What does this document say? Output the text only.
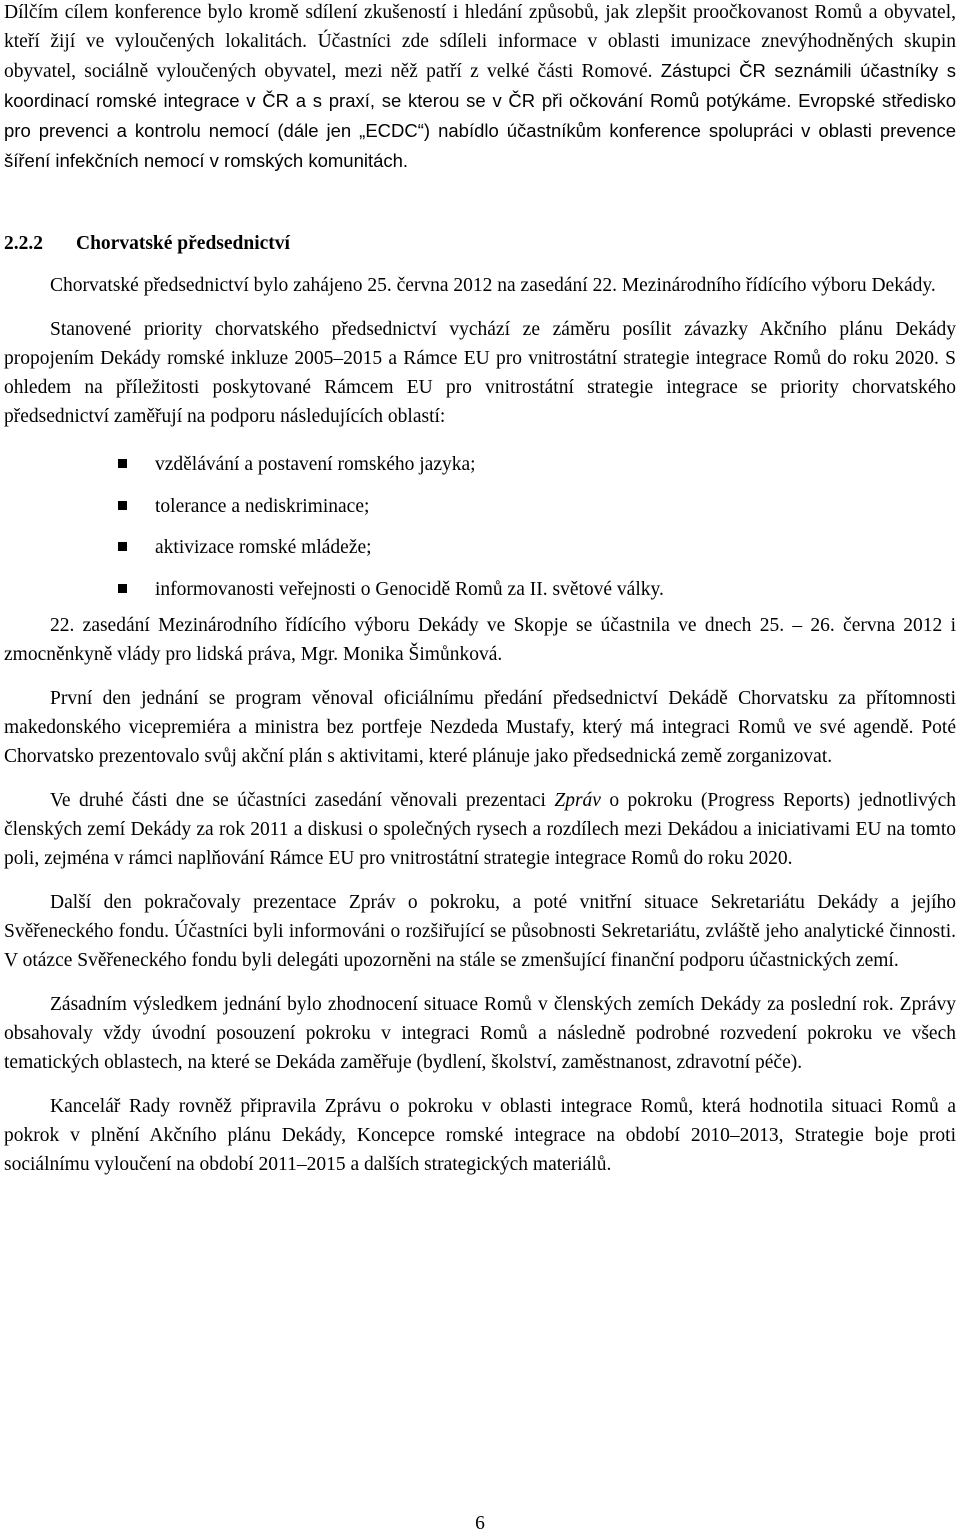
Dílčím cílem konference bylo kromě sdílení zkušeností i hledání způsobů, jak zlepšit proočkovanost Romů a obyvatel, kteří žijí ve vyloučených lokalitách. Účastníci zde sdíleli informace v oblasti imunizace znevýhodněných skupin obyvatel, sociálně vyloučených obyvatel, mezi něž patří z velké části Romové. Zástupci ČR seznámili účastníky s koordinací romské integrace v ČR a s praxí, se kterou se v ČR při očkování Romů potýkáme. Evropské středisko pro prevenci a kontrolu nemocí (dále jen „ECDC“) nabídlo účastníkům konference spolupráci v oblasti prevence šíření infekčních nemocí v romských komunitách.

2.2.2 Chorvatské předsednictví

Chorvatské předsednictví bylo zahájeno 25. června 2012 na zasedání 22. Mezinárodního řídícího výboru Dekády.

Stanovené priority chorvatského předsednictví vychází ze záměru posílit závazky Akčního plánu Dekády propojením Dekády romské inkluze 2005–2015 a Rámce EU pro vnitrostátní strategie integrace Romů do roku 2020. S ohledem na příležitosti poskytované Rámcem EU pro vnitrostátní strategie integrace se priority chorvatského předsednictví zaměřují na podporu následujících oblastí:

vzdělávání a postavení romského jazyka;
tolerance a nediskriminace;
aktivizace romské mládeže;
informovanosti veřejnosti o Genocidě Romů za II. světové války.

22. zasedání Mezinárodního řídícího výboru Dekády ve Skopje se účastnila ve dnech 25. – 26. června 2012 i zmocněnkyně vlády pro lidská práva, Mgr. Monika Šimůnková.

První den jednání se program věnoval oficiálnímu předání předsednictví Dekádě Chorvatsku za přítomnosti makedonského vicepremiéra a ministra bez portfeje Nezdeda Mustafy, který má integraci Romů ve své agendě. Poté Chorvatsko prezentovalo svůj akční plán s aktivitami, které plánuje jako předsednická země zorganizovat.

Ve druhé části dne se účastníci zasedání věnovali prezentaci Zpráv o pokroku (Progress Reports) jednotlivých členských zemí Dekády za rok 2011 a diskusi o společných rysech a rozdílech mezi Dekádou a iniciativami EU na tomto poli, zejména v rámci naplňování Rámce EU pro vnitrostátní strategie integrace Romů do roku 2020.

Další den pokračovaly prezentace Zpráv o pokroku, a poté vnitřní situace Sekretariátu Dekády a jejího Svěřeneckého fondu. Účastníci byli informováni o rozšiřující se působnosti Sekretariátu, zvláště jeho analytické činnosti. V otázce Svěřeneckého fondu byli delegáti upozorněni na stále se zmenšující finanční podporu účastnických zemí.

Zásadním výsledkem jednání bylo zhodnocení situace Romů v členských zemích Dekády za poslední rok. Zprávy obsahovaly vždy úvodní posouzení pokroku v integraci Romů a následně podrobné rozvedení pokroku ve všech tematických oblastech, na které se Dekáda zaměřuje (bydlení, školství, zaměstnanost, zdravotní péče).

Kancelář Rady rovněž připravila Zprávu o pokroku v oblasti integrace Romů, která hodnotila situaci Romů a pokrok v plnění Akčního plánu Dekády, Koncepce romské integrace na období 2010–2013, Strategie boje proti sociálnímu vyloučení na období 2011–2015 a dalších strategických materiálů.

6
